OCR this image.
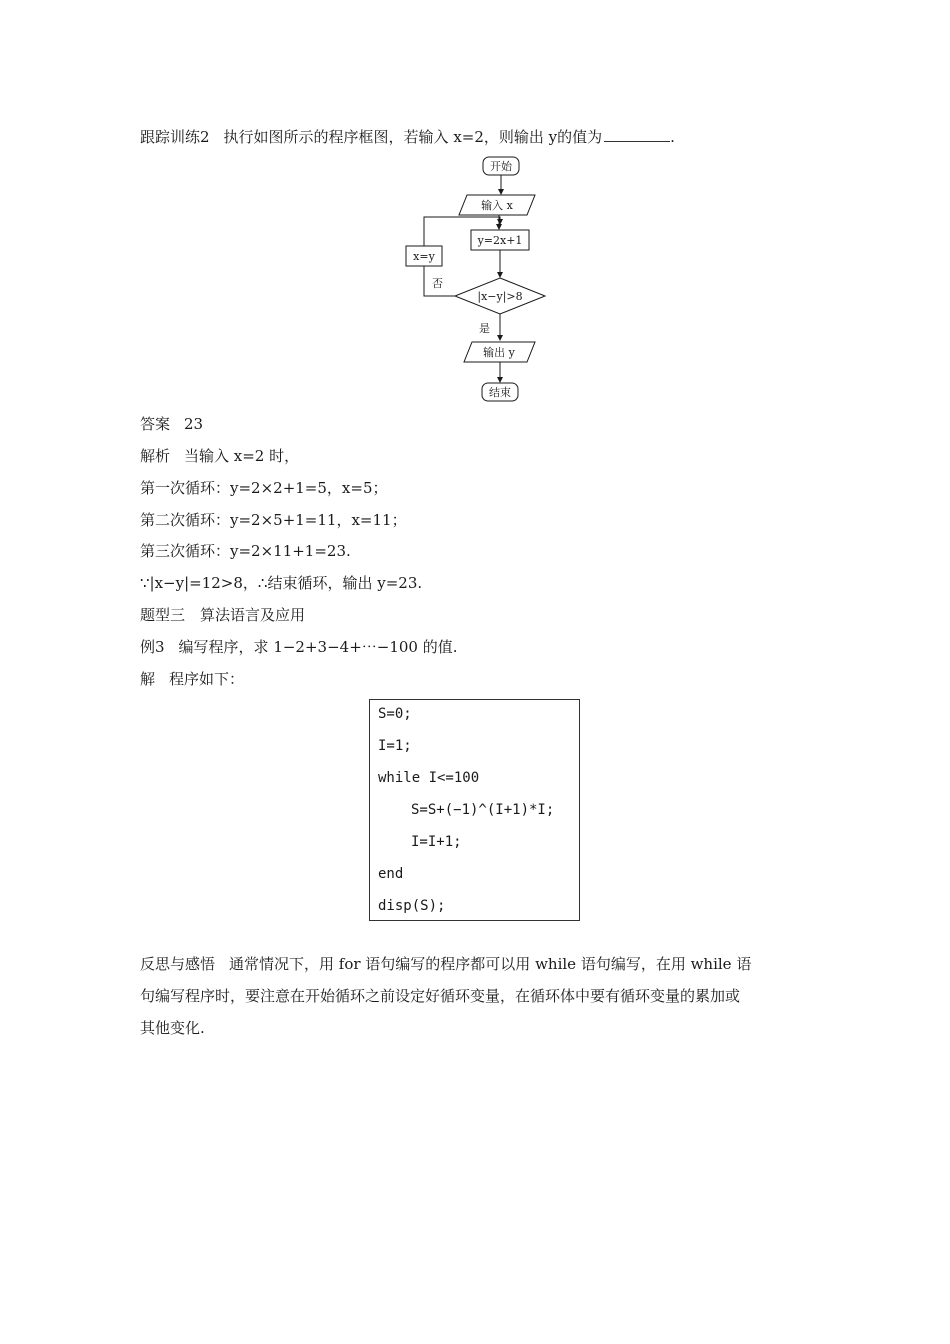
跟踪训练2 执行如图所示的程序框图，若输入 x=2，则输出 y的值为	.
开始
输入 x
y=2x+1
|x−y|>8
x=y
否
是
输出 y
结束
答案 23
解析 当输入 x=2 时，
第一次循环：y=2×2+1=5，x=5；
第二次循环：y=2×5+1=11，x=11；
第三次循环：y=2×11+1=23.
∵|x−y|=12>8，∴结束循环，输出 y=23.
题型三　算法语言及应用
例3 编写程序，求 1−2+3−4+⋯−100 的值.
解 程序如下：
S=0;
I=1;
while I<=100
S=S+(−1)^(I+1)*I;
I=I+1;
end
disp(S);
反思与感悟 通常情况下，用 for 语句编写的程序都可以用 while 语句编写，在用 while 语
句编写程序时，要注意在开始循环之前设定好循环变量，在循环体中要有循环变量的累加或
其他变化.
